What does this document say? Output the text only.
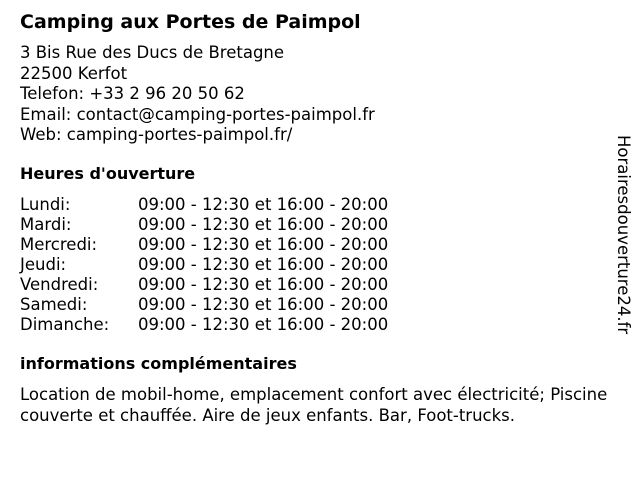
Camping aux Portes de Paimpol
3 Bis Rue des Ducs de Bretagne
22500 Kerfot
Telefon: +33 2 96 20 50 62
Email: contact@camping-portes-paimpol.fr
Web: camping-portes-paimpol.fr/
Heures d'ouverture
Lundi:	09:00 - 12:30 et 16:00 - 20:00
Mardi:	09:00 - 12:30 et 16:00 - 20:00
Mercredi: 09:00 - 12:30 et 16:00 - 20:00
Jeudi:	09:00 - 12:30 et 16:00 - 20:00
Vendredi: 09:00 - 12:30 et 16:00 - 20:00
Samedi:	09:00 - 12:30 et 16:00 - 20:00
Dimanche: 09:00 - 12:30 et 16:00 - 20:00
informations complémentaires
Location de mobil-home, emplacement confort avec électricité; Piscine couverte et chauffée. Aire de jeux enfants. Bar, Foot-trucks.
Horairesdouverture24.fr
